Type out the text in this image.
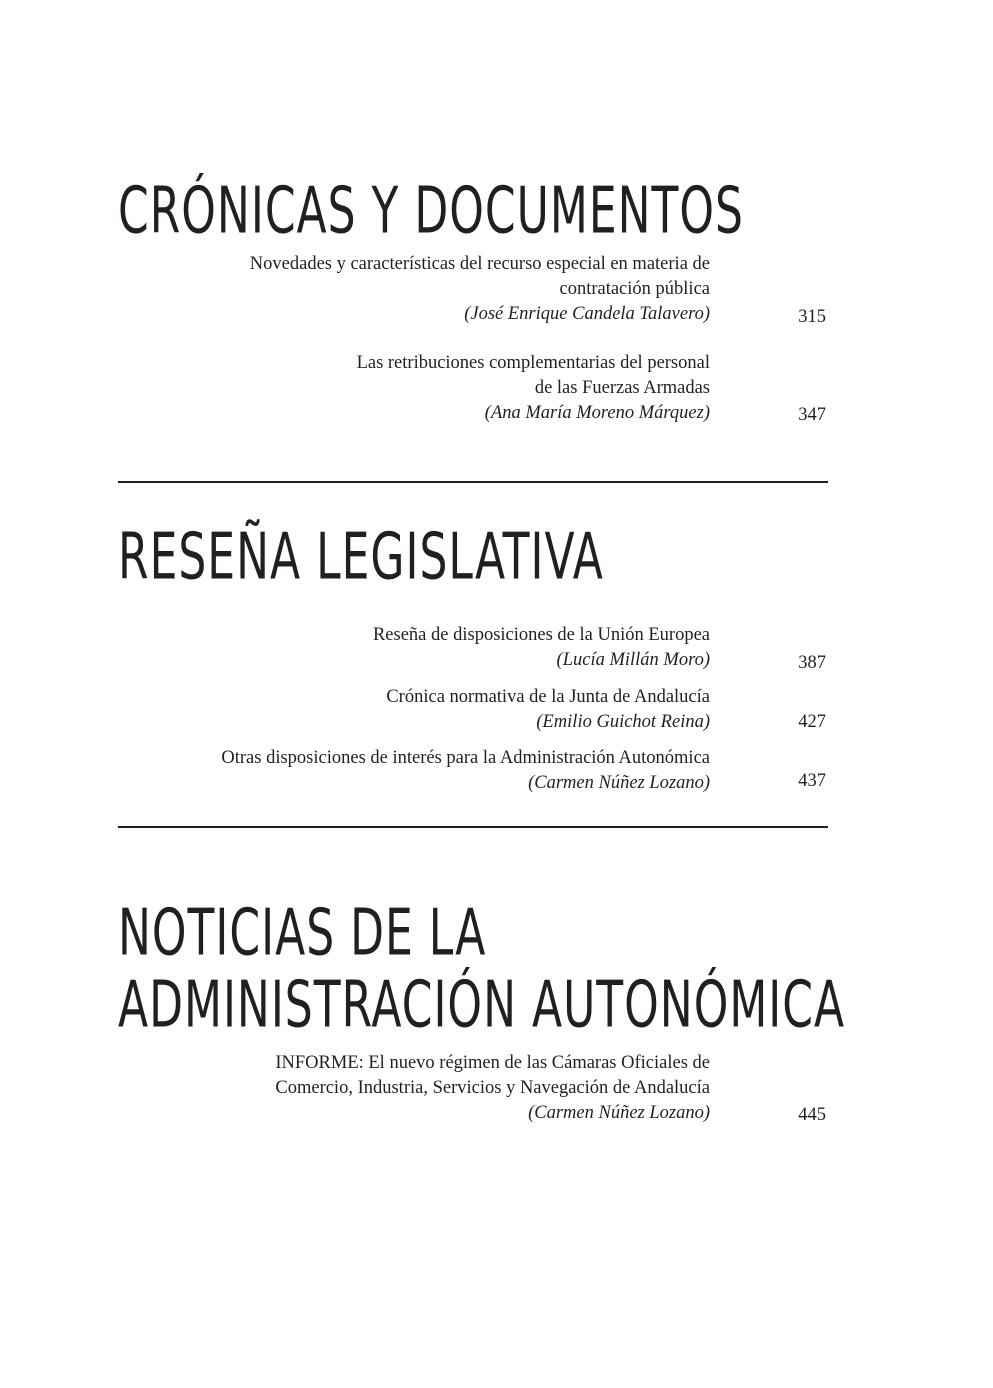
CRÓNICAS Y DOCUMENTOS
Novedades y características del recurso especial en materia de
contratación pública
(José Enrique Candela Talavero)	315
Las retribuciones complementarias del personal
de las Fuerzas Armadas
(Ana María Moreno Márquez)	347
RESEÑA LEGISLATIVA
Reseña de disposiciones de la Unión Europea
(Lucía Millán Moro)	387
Crónica normativa de la Junta de Andalucía
(Emilio Guichot Reina)	427
Otras disposiciones de interés para la Administración Autonómica
(Carmen Núñez Lozano)	437
NOTICIAS DE LA
ADMINISTRACIÓN AUTONÓMICA
INFORME: El nuevo régimen de las Cámaras Oficiales de
Comercio, Industria, Servicios y Navegación de Andalucía
(Carmen Núñez Lozano)	445
